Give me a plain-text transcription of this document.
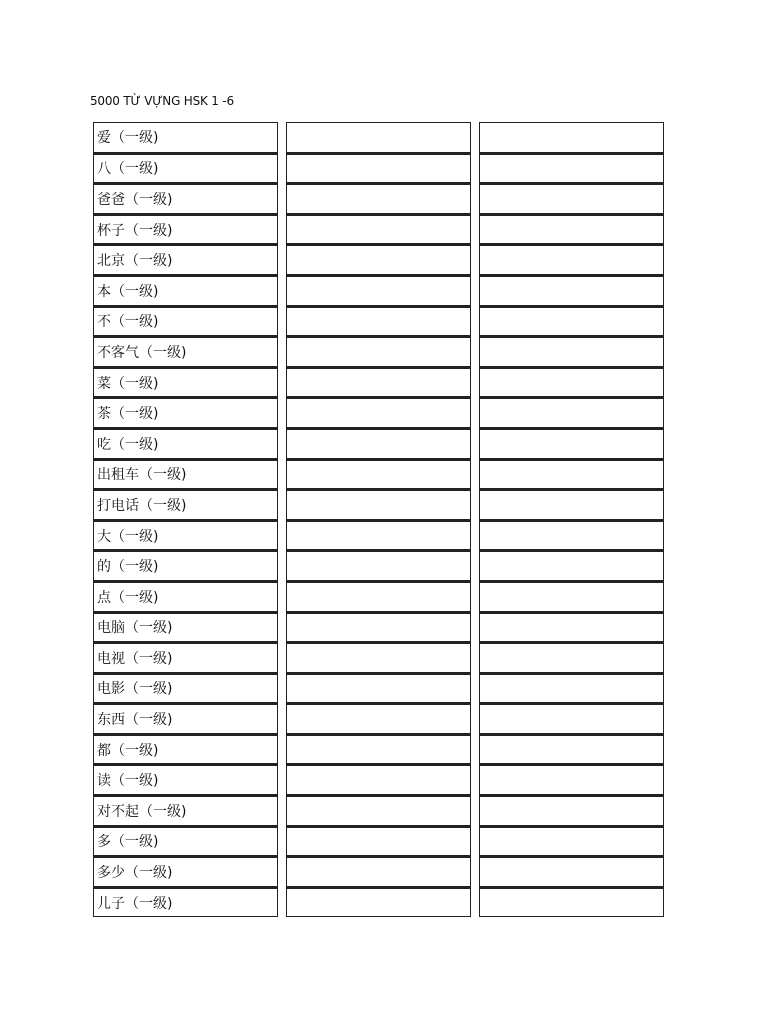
5000 TỪ VỰNG HSK 1 -6
爱（一级)
八（一级)
爸爸（一级)
杯子（一级)
北京（一级)
本（一级)
不（一级)
不客气（一级)
菜（一级)
茶（一级)
吃（一级)
出租车（一级)
打电话（一级)
大（一级)
的（一级)
点（一级)
电脑（一级)
电视（一级)
电影（一级)
东西（一级)
都（一级)
读（一级)
对不起（一级)
多（一级)
多少（一级)
儿子（一级)
